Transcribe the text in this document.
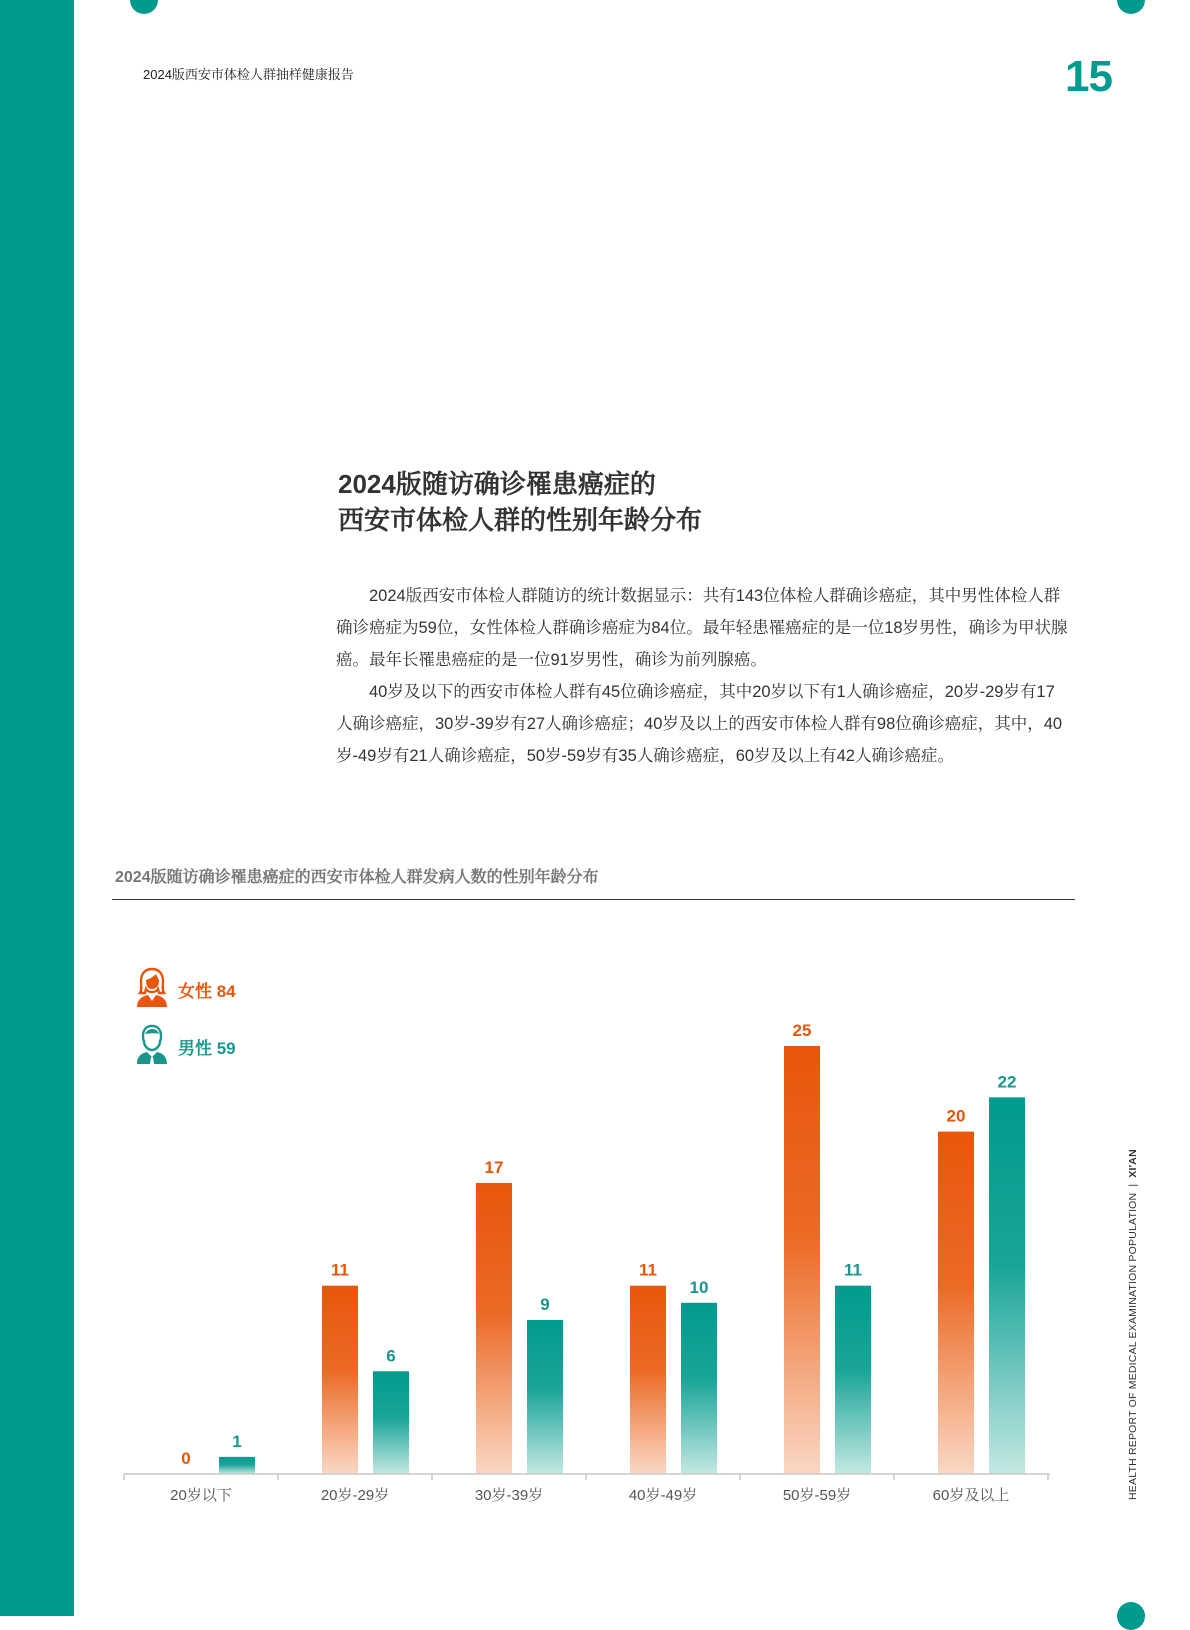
2024版西安市体检人群抽样健康报告	15
2024版随访确诊罹患癌症的
西安市体检人群的性别年龄分布

2024版西安市体检人群随访的统计数据显示：共有143位体检人群确诊癌症，其中男性体检人群确诊癌症为59位，女性体检人群确诊癌症为84位。最年轻患罹癌症的是一位18岁男性，确诊为甲状腺癌。最年长罹患癌症的是一位91岁男性，确诊为前列腺癌。

40岁及以下的西安市体检人群有45位确诊癌症，其中20岁以下有1人确诊癌症，20岁-29岁有17人确诊癌症，30岁-39岁有27人确诊癌症；40岁及以上的西安市体检人群有98位确诊癌症，其中，40岁-49岁有21人确诊癌症，50岁-59岁有35人确诊癌症，60岁及以上有42人确诊癌症。

2024版随访确诊罹患癌症的西安市体检人群发病人数的性别年龄分布
女性 84
男性 59
0
1
11
6
17
9
11
10
25
11
20
22
20岁以下	20岁-29岁	30岁-39岁	40岁-49岁	50岁-59岁	60岁及以上	HEALTH REPORT OF MEDICAL EXAMINATION POPULATION|XI'AN
